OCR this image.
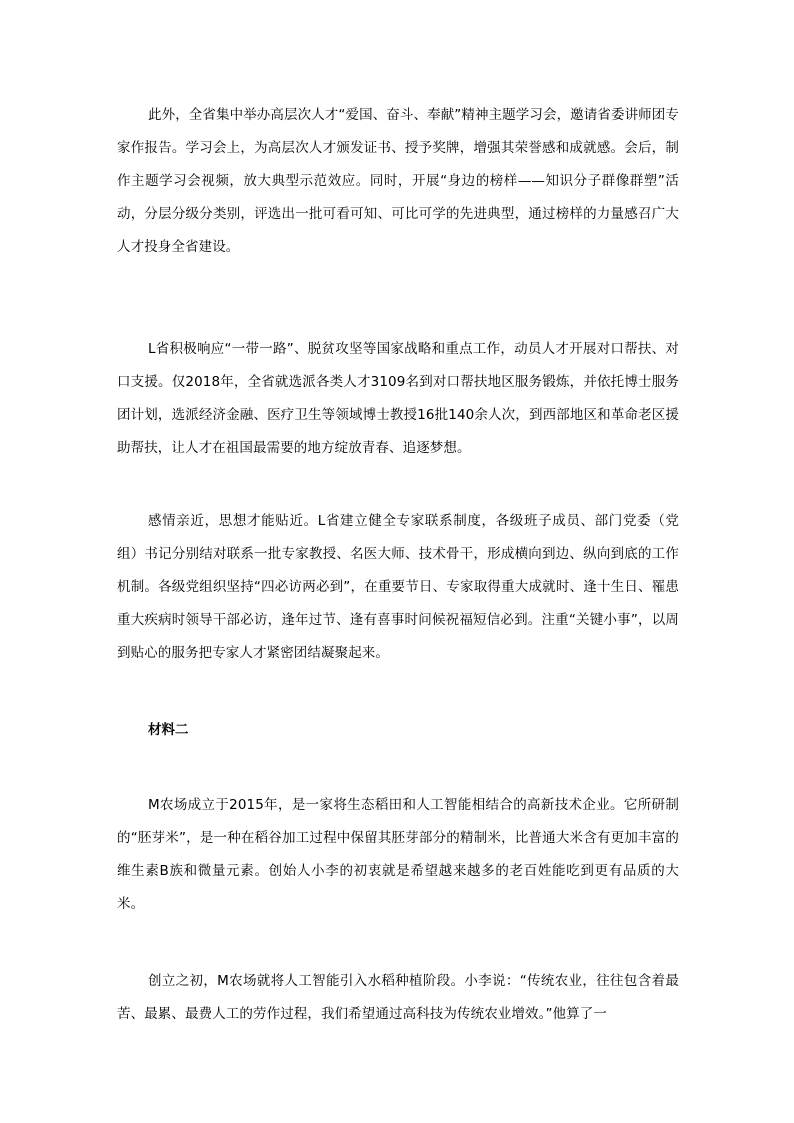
此外，全省集中举办高层次人才“爱国、奋斗、奉献”精神主题学习会，邀请省委讲师团专家作报告。学习会上，为高层次人才颁发证书、授予奖牌，增强其荣誉感和成就感。会后，制作主题学习会视频，放大典型示范效应。同时，开展“身边的榜样——知识分子群像群塑”活动，分层分级分类别，评选出一批可看可知、可比可学的先进典型，通过榜样的力量感召广大人才投身全省建设。

L省积极响应“一带一路”、脱贫攻坚等国家战略和重点工作，动员人才开展对口帮扶、对口支援。仅2018年，全省就选派各类人才3109名到对口帮扶地区服务锻炼，并依托博士服务团计划，选派经济金融、医疗卫生等领域博士教授16批140余人次，到西部地区和革命老区援助帮扶，让人才在祖国最需要的地方绽放青春、追逐梦想。

感情亲近，思想才能贴近。L省建立健全专家联系制度，各级班子成员、部门党委（党组）书记分别结对联系一批专家教授、名医大师、技术骨干，形成横向到边、纵向到底的工作机制。各级党组织坚持“四必访两必到”，在重要节日、专家取得重大成就时、逢十生日、罹患重大疾病时领导干部必访，逢年过节、逢有喜事时问候祝福短信必到。注重“关键小事”，以周到贴心的服务把专家人才紧密团结凝聚起来。

材料二

M农场成立于2015年，是一家将生态稻田和人工智能相结合的高新技术企业。它所研制的“胚芽米”，是一种在稻谷加工过程中保留其胚芽部分的精制米，比普通大米含有更加丰富的维生素B族和微量元素。创始人小李的初衷就是希望越来越多的老百姓能吃到更有品质的大米。

创立之初，M农场就将人工智能引入水稻种植阶段。小李说：“传统农业，往往包含着最苦、最累、最费人工的劳作过程，我们希望通过高科技为传统农业增效。”他算了一
